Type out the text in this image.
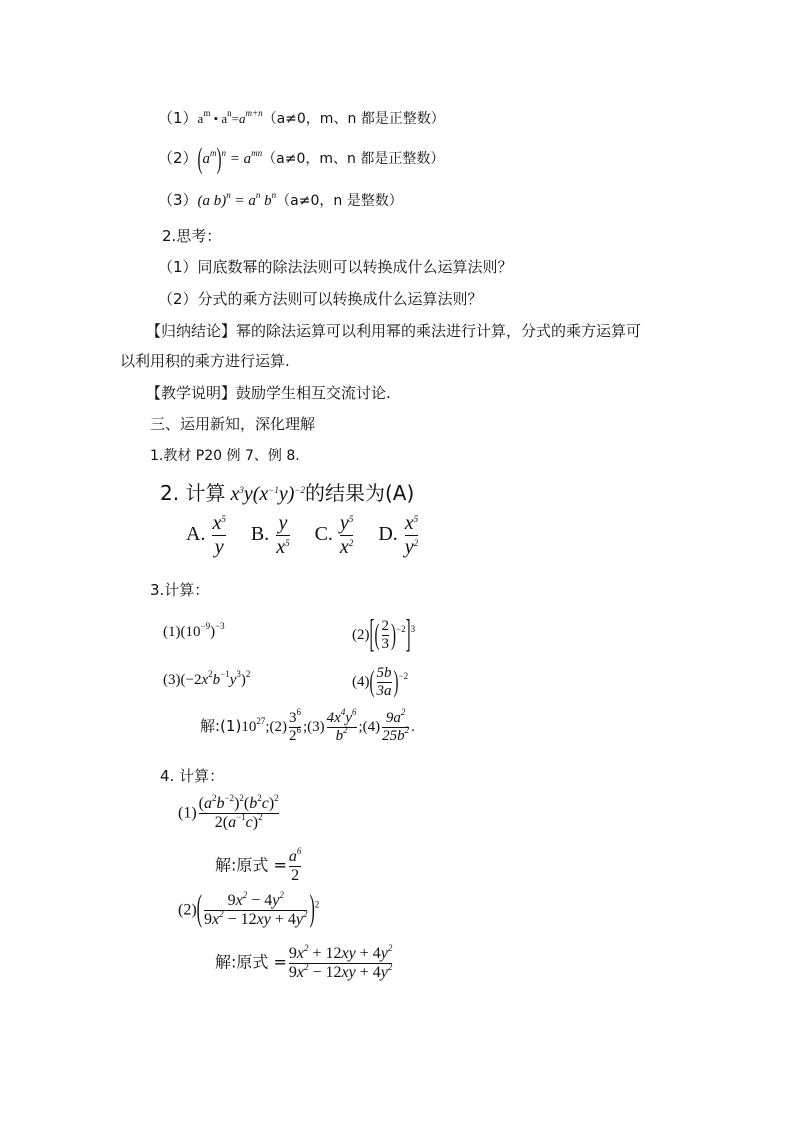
$(1)a^m$ • $a^n=a^{m+n}(a\ne 0$，m、n 都是正整数）
$(2)(a^m)^n = a^{mn}(a\ne 0$，m、n 都是正整数）
（3）(a $b)^n = a^n$ $b^n(a\ne 0$，n 是整数）
2.思考：
（1）同底数幂的除法法则可以转换成什么运算法则？
（2）分式的乘方法则可以转换成什么运算法则？
【归纳结论】幂的除法运算可以利用幂的乘法进行计算，分式的乘方运算可
以利用积的乘方进行运算.
【教学说明】鼓励学生相互交流讨论.
三、运用新知，深化理解
1.教材 P20 例 7、例 8.
2. 计算 $x^3y(x^{-1}y)^{-2}$的结果为(A)
A. $\frac{x^5}{y} B$. $\frac{y}{x^5} C$. $\frac{y^5}{x^2} D$. $\frac{x^5}{y^2}$
3.计算：
$(1)(10^{-9})^{-3}$
$(2)[( \frac{2}{3} )^{-2}]^3$
$(3)(-2x^2b^{-1}y^3)^2$
$(4)( \frac{5b}{3a} )^{-2}$
解$:(1)10^{27};(2) \frac{3^6}{2^6}$ ;(3) $\frac{4x^4y^6}{b^2}$ ;(4) $\frac{9a^2}{25b^2}$ .
4. 计算：
$(1) \frac{(a^2b^{-2})^2(b^2c)^2}{2(a^{-1}c)^2}$
解:原式 = $\frac{a^6}{2}$
$(2)( \frac{9x^2 - 4y^2}{9x^2 - 12xy + 4y^2} )^2$
解:原式 = $\frac{9x^2 + 12xy + 4y^2}{9x^2 - 12xy + 4y^2}$
